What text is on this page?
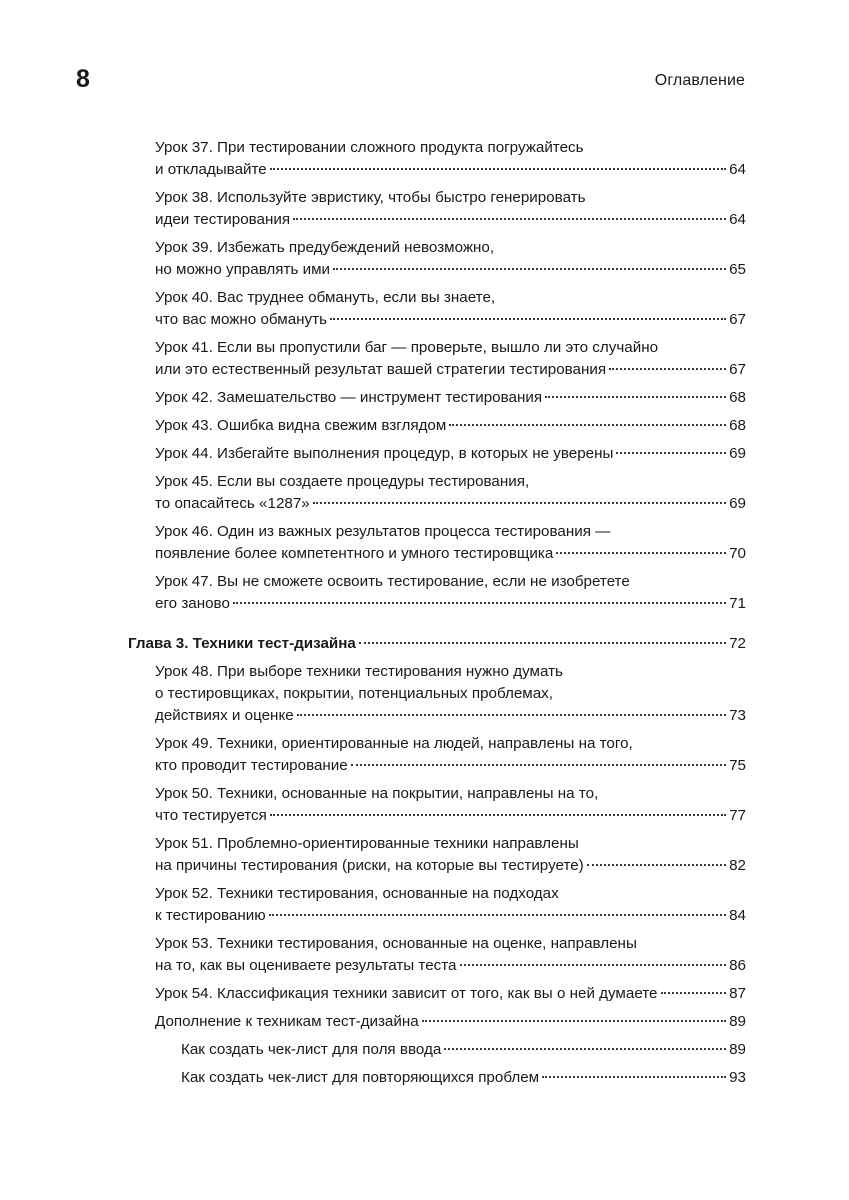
8	Оглавление
Урок 37. При тестировании сложного продукта погружайтесь
и откладывайте	64
Урок 38. Используйте эвристику, чтобы быстро генерировать
идеи тестирования	64
Урок 39. Избежать предубеждений невозможно,
но можно управлять ими	65
Урок 40. Вас труднее обмануть, если вы знаете,
что вас можно обмануть	67
Урок 41. Если вы пропустили баг — проверьте, вышло ли это случайно
или это естественный результат вашей стратегии тестирования	67
Урок 42. Замешательство — инструмент тестирования	68
Урок 43. Ошибка видна свежим взглядом	68
Урок 44. Избегайте выполнения процедур, в которых не уверены	69
Урок 45. Если вы создаете процедуры тестирования,
то опасайтесь «1287»	69
Урок 46. Один из важных результатов процесса тестирования —
появление более компетентного и умного тестировщика	70
Урок 47. Вы не сможете освоить тестирование, если не изобретете
его заново	71
Глава 3. Техники тест-дизайна	72
Урок 48. При выборе техники тестирования нужно думать
о тестировщиках, покрытии, потенциальных проблемах,
действиях и оценке	73
Урок 49. Техники, ориентированные на людей, направлены на того,
кто проводит тестирование	75
Урок 50. Техники, основанные на покрытии, направлены на то,
что тестируется	77
Урок 51. Проблемно-ориентированные техники направлены
на причины тестирования (риски, на которые вы тестируете)	82
Урок 52. Техники тестирования, основанные на подходах
к тестированию	84
Урок 53. Техники тестирования, основанные на оценке, направлены
на то, как вы оцениваете результаты теста	86
Урок 54. Классификация техники зависит от того, как вы о ней думаете	87
Дополнение к техникам тест-дизайна	89
Как создать чек-лист для поля ввода	89
Как создать чек-лист для повторяющихся проблем	93
